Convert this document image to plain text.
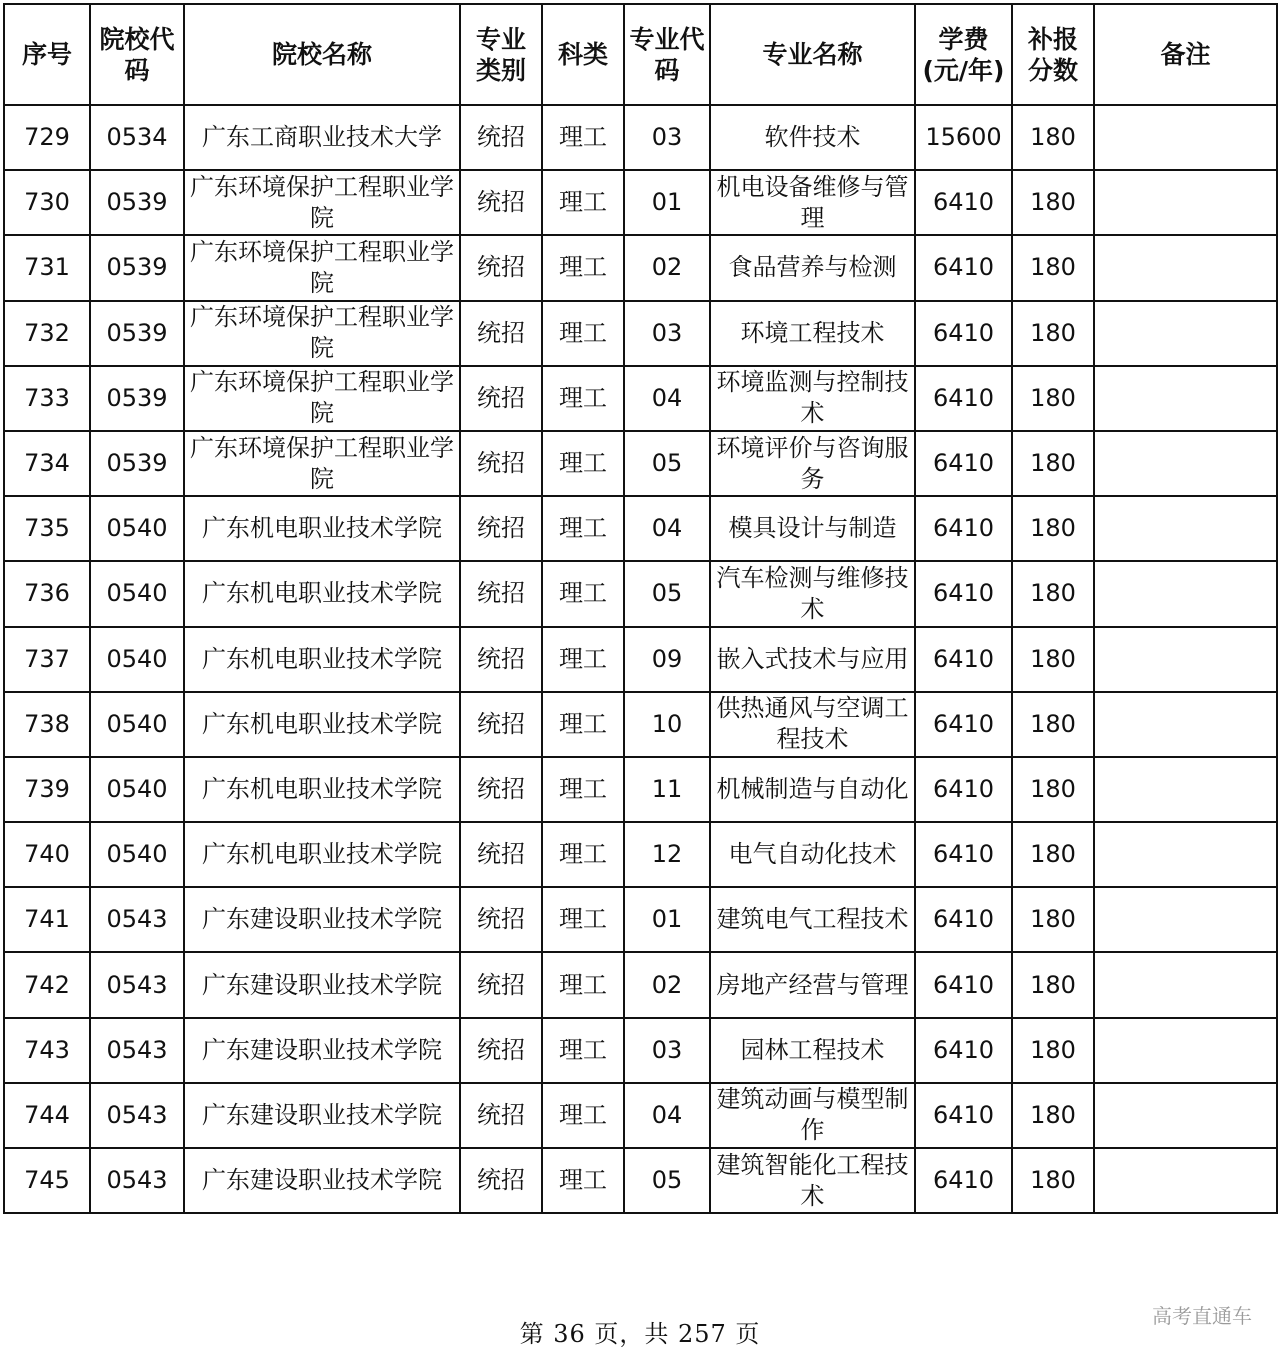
序号	院校代码	院校名称	专业类别	科类	专业代码	专业名称	学费(元/年)	补报分数	备注
729	0534	广东工商职业技术大学	统招	理工	03	软件技术	15600	180	
730	0539	广东环境保护工程职业学院	统招	理工	01	机电设备维修与管理	6410	180	
731	0539	广东环境保护工程职业学院	统招	理工	02	食品营养与检测	6410	180	
732	0539	广东环境保护工程职业学院	统招	理工	03	环境工程技术	6410	180	
733	0539	广东环境保护工程职业学院	统招	理工	04	环境监测与控制技术	6410	180	
734	0539	广东环境保护工程职业学院	统招	理工	05	环境评价与咨询服务	6410	180	
735	0540	广东机电职业技术学院	统招	理工	04	模具设计与制造	6410	180	
736	0540	广东机电职业技术学院	统招	理工	05	汽车检测与维修技术	6410	180	
737	0540	广东机电职业技术学院	统招	理工	09	嵌入式技术与应用	6410	180	
738	0540	广东机电职业技术学院	统招	理工	10	供热通风与空调工程技术	6410	180	
739	0540	广东机电职业技术学院	统招	理工	11	机械制造与自动化	6410	180	
740	0540	广东机电职业技术学院	统招	理工	12	电气自动化技术	6410	180	
741	0543	广东建设职业技术学院	统招	理工	01	建筑电气工程技术	6410	180	
742	0543	广东建设职业技术学院	统招	理工	02	房地产经营与管理	6410	180	
743	0543	广东建设职业技术学院	统招	理工	03	园林工程技术	6410	180	
744	0543	广东建设职业技术学院	统招	理工	04	建筑动画与模型制作	6410	180	
745	0543	广东建设职业技术学院	统招	理工	05	建筑智能化工程技术	6410	180	
第 36 页，共 257 页
高考直通车
